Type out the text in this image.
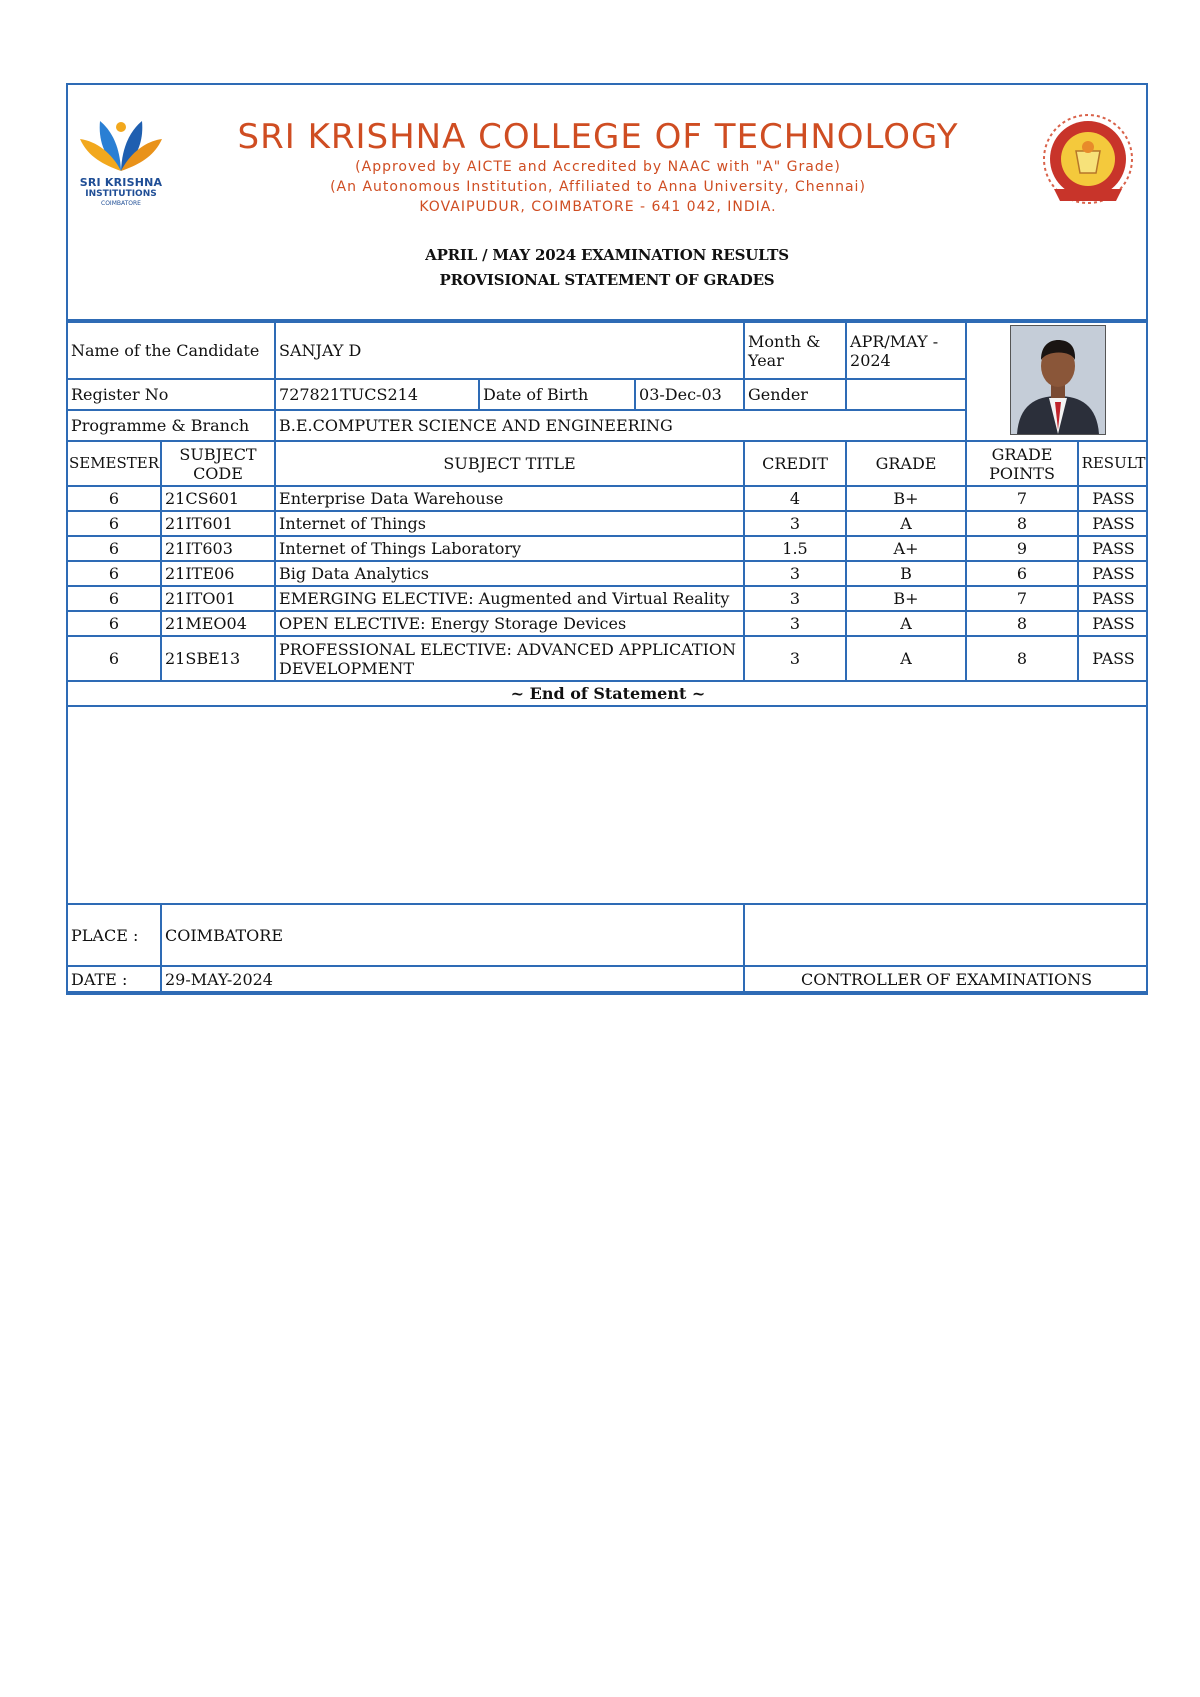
SRI KRISHNA
INSTITUTIONS
COIMBATORE
SRI KRISHNA COLLEGE OF TECHNOLOGY
(Approved by AICTE and Accredited by NAAC with "A" Grade)
(An Autonomous Institution, Affiliated to Anna University, Chennai)
KOVAIPUDUR, COIMBATORE - 641 042, INDIA.
APRIL / MAY 2024 EXAMINATION RESULTS
PROVISIONAL STATEMENT OF GRADES
Name of the Candidate		SANJAY D		Month & Year	APR/MAY - 2024	
Register No		727821TUCS214	Date of Birth 03-Dec-03	Gender			
Programme & Branch		B.E.COMPUTER SCIENCE AND ENGINEERING					
SEMESTER	SUBJECT CODE	SUBJECT TITLE		CREDIT	GRADE	GRADE POINTS	RESULT
6	21CS601	Enterprise Data Warehouse		4	B+	7	PASS
6	21IT601	Internet of Things		3	A	8	PASS
6	21IT603	Internet of Things Laboratory		1.5	A+	9	PASS
6	21ITE06	Big Data Analytics		3	B	6	PASS
6	21ITO01	EMERGING ELECTIVE: Augmented and Virtual Reality		3	B+	7	PASS
6	21MEO04	OPEN ELECTIVE: Energy Storage Devices		3	A	8	PASS
6	21SBE13	PROFESSIONAL ELECTIVE: ADVANCED APPLICATION DEVELOPMENT		3	A	8	PASS
~ End of Statement ~							

PLACE :	COIMBATORE						
DATE :	29-MAY-2024			CONTROLLER OF EXAMINATIONS			
